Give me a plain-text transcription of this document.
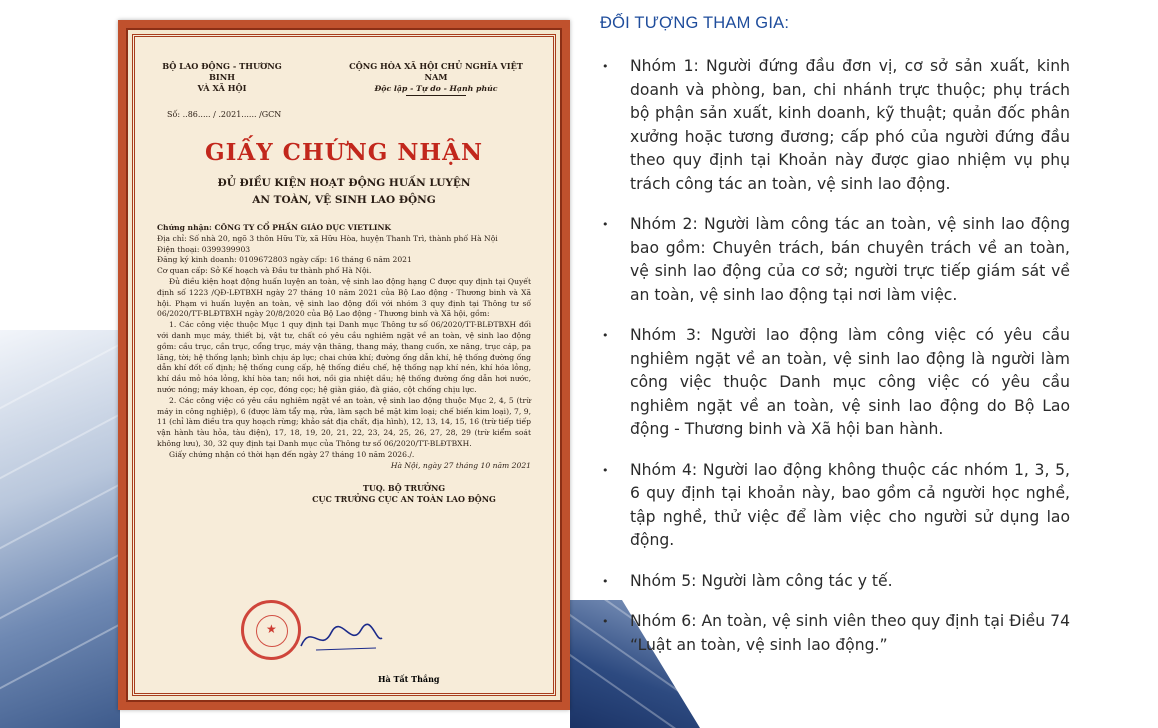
BỘ LAO ĐỘNG - THƯƠNG BINH
VÀ XÃ HỘI
CỘNG HÒA XÃ HỘI CHỦ NGHĨA VIỆT NAM
Độc lập - Tự do - Hạnh phúc
Số: ..86..... / .2021...... /GCN
GIẤY CHỨNG NHẬN
ĐỦ ĐIỀU KIỆN HOẠT ĐỘNG HUẤN LUYỆN
AN TOÀN, VỆ SINH LAO ĐỘNG

Chứng nhận: CÔNG TY CỔ PHẦN GIÁO DỤC VIETLINK

Địa chỉ: Số nhà 20, ngõ 3 thôn Hữu Từ, xã Hữu Hòa, huyện Thanh Trì, thành phố Hà Nội

Điện thoại: 0399399903

Đăng ký kinh doanh: 0109672803 ngày cấp: 16 tháng 6 năm 2021

Cơ quan cấp: Sở Kế hoạch và Đầu tư thành phố Hà Nội.

Đủ điều kiện hoạt động huấn luyện an toàn, vệ sinh lao động hạng C được quy định tại Quyết định số 1223 /QĐ-LĐTBXH ngày 27 tháng 10 năm 2021 của Bộ Lao động - Thương binh và Xã hội. Phạm vi huấn luyện an toàn, vệ sinh lao động đối với nhóm 3 quy định tại Thông tư số 06/2020/TT-BLĐTBXH ngày 20/8/2020 của Bộ Lao động - Thương binh và Xã hội, gồm:

1. Các công việc thuộc Mục 1 quy định tại Danh mục Thông tư số 06/2020/TT-BLĐTBXH đối với danh mục máy, thiết bị, vật tư, chất có yêu cầu nghiêm ngặt về an toàn, vệ sinh lao động gồm: cầu trục, cần trục, cổng trục, máy vận thăng, thang máy, thang cuốn, xe nâng, trục cáp, pa lăng, tời; hệ thống lạnh; bình chịu áp lực; chai chứa khí; đường ống dẫn khí, hệ thống đường ống dẫn khí đốt cố định; hệ thống cung cấp, hệ thống điều chế, hệ thống nạp khí nén, khí hóa lỏng, khí dầu mỏ hóa lỏng, khí hòa tan; nồi hơi, nồi gia nhiệt dầu; hệ thống đường ống dẫn hơi nước, nước nóng; máy khoan, ép cọc, đóng cọc; hệ giàn giáo, đà giáo, cột chống chịu lực.

2. Các công việc có yêu cầu nghiêm ngặt về an toàn, vệ sinh lao động thuộc Mục 2, 4, 5 (trừ máy in công nghiệp), 6 (được làm tẩy mạ, rửa, làm sạch bề mặt kim loại; chế biến kim loại), 7, 9, 11 (chỉ làm điều tra quy hoạch rừng; khảo sát địa chất, địa hình), 12, 13, 14, 15, 16 (trừ tiếp tiếp vận hành tàu hỏa, tàu điện), 17, 18, 19, 20, 21, 22, 23, 24, 25, 26, 27, 28, 29 (trừ kiểm soát không lưu), 30, 32 quy định tại Danh mục của Thông tư số 06/2020/TT-BLĐTBXH.

Giấy chứng nhận có thời hạn đến ngày 27 tháng 10 năm 2026./.

Hà Nội, ngày 27 tháng 10 năm 2021

TUQ. BỘ TRƯỞNG
CỤC TRƯỞNG CỤC AN TOÀN LAO ĐỘNG
★
Hà Tất Thắng
ĐỐI TƯỢNG THAM GIA:
• Nhóm 1: Người đứng đầu đơn vị, cơ sở sản xuất, kinh doanh và phòng, ban, chi nhánh trực thuộc; phụ trách bộ phận sản xuất, kinh doanh, kỹ thuật; quản đốc phân xưởng hoặc tương đương; cấp phó của người đứng đầu theo quy định tại Khoản này được giao nhiệm vụ phụ trách công tác an toàn, vệ sinh lao động.
• Nhóm 2: Người làm công tác an toàn, vệ sinh lao động bao gồm: Chuyên trách, bán chuyên trách về an toàn, vệ sinh lao động của cơ sở; người trực tiếp giám sát về an toàn, vệ sinh lao động tại nơi làm việc.
• Nhóm 3: Người lao động làm công việc có yêu cầu nghiêm ngặt về an toàn, vệ sinh lao động là người làm công việc thuộc Danh mục công việc có yêu cầu nghiêm ngặt về an toàn, vệ sinh lao động do Bộ Lao động - Thương binh và Xã hội ban hành.
• Nhóm 4: Người lao động không thuộc các nhóm 1, 3, 5, 6 quy định tại khoản này, bao gồm cả người học nghề, tập nghề, thử việc để làm việc cho người sử dụng lao động.
• Nhóm 5: Người làm công tác y tế.
• Nhóm 6: An toàn, vệ sinh viên theo quy định tại Điều 74 “Luật an toàn, vệ sinh lao động.”
